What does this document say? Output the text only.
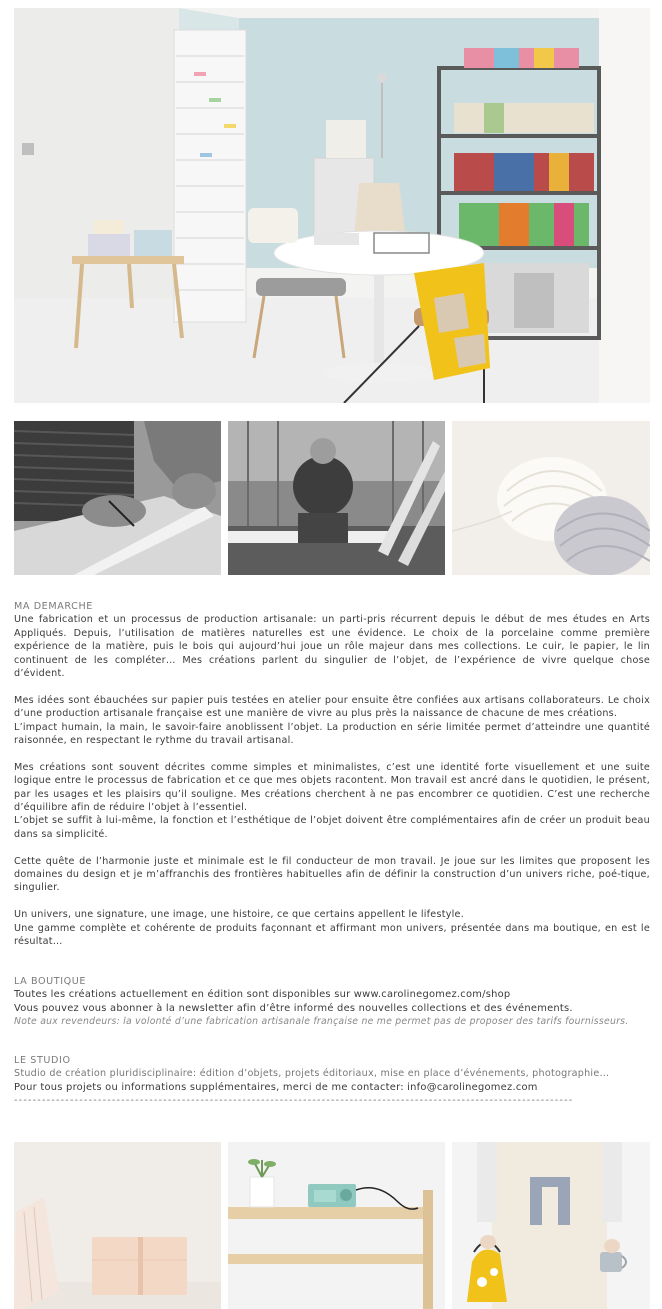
MA DEMARCHE

Une fabrication et un processus de production artisanale: un parti-pris récurrent depuis le début de mes études en Arts Appliqués. Depuis, l’utilisation de matières naturelles est une évidence. Le choix de la porcelaine comme première expérience de la matière, puis le bois qui aujourd’hui joue un rôle majeur dans mes collections. Le cuir, le papier, le lin continuent de les compléter… Mes créations parlent du singulier de l’objet, de l’expérience de vivre quelque chose d’évident.

Mes idées sont ébauchées sur papier puis testées en atelier pour ensuite être confiées aux artisans collaborateurs. Le choix d’une production artisanale française est une manière de vivre au plus près la naissance de chacune de mes créations.

L’impact humain, la main, le savoir-faire anoblissent l’objet. La production en série limitée permet d’atteindre une quantité raisonnée, en respectant le rythme du travail artisanal.

Mes créations sont souvent décrites comme simples et minimalistes, c’est une identité forte visuellement et une suite logique entre le processus de fabrication et ce que mes objets racontent. Mon travail est ancré dans le quotidien, le présent, par les usages et les plaisirs qu’il souligne. Mes créations cherchent à ne pas encombrer ce quotidien. C’est une recherche d’équilibre afin de réduire l’objet à l’essentiel.

L’objet se suffit à lui-même, la fonction et l’esthétique de l’objet doivent être complémentaires afin de créer un produit beau dans sa simplicité.

Cette quête de l’harmonie juste et minimale est le fil conducteur de mon travail. Je joue sur les limites que proposent les domaines du design et je m’affranchis des frontières habituelles afin de définir la construction d’un univers riche, poé-tique, singulier.

Un univers, une signature, une image, une histoire, ce que certains appellent le lifestyle.

Une gamme complète et cohérente de produits façonnant et affirmant mon univers, présentée dans ma boutique, en est le résultat…

LA BOUTIQUE

Toutes les créations actuellement en édition sont disponibles sur www.carolinegomez.com/shop

Vous pouvez vous abonner à la newsletter afin d’être informé des nouvelles collections et des événements.

Note aux revendeurs: la volonté d’une fabrication artisanale française ne me permet pas de proposer des tarifs fournisseurs.

LE STUDIO

Studio de création pluridisciplinaire: édition d’objets, projets éditoriaux, mise en place d’événements, photographie…

Pour tous projets ou informations supplémentaires, merci de me contacter: info@carolinegomez.com

------------------------------------------------------------------------------------------------------------------------
